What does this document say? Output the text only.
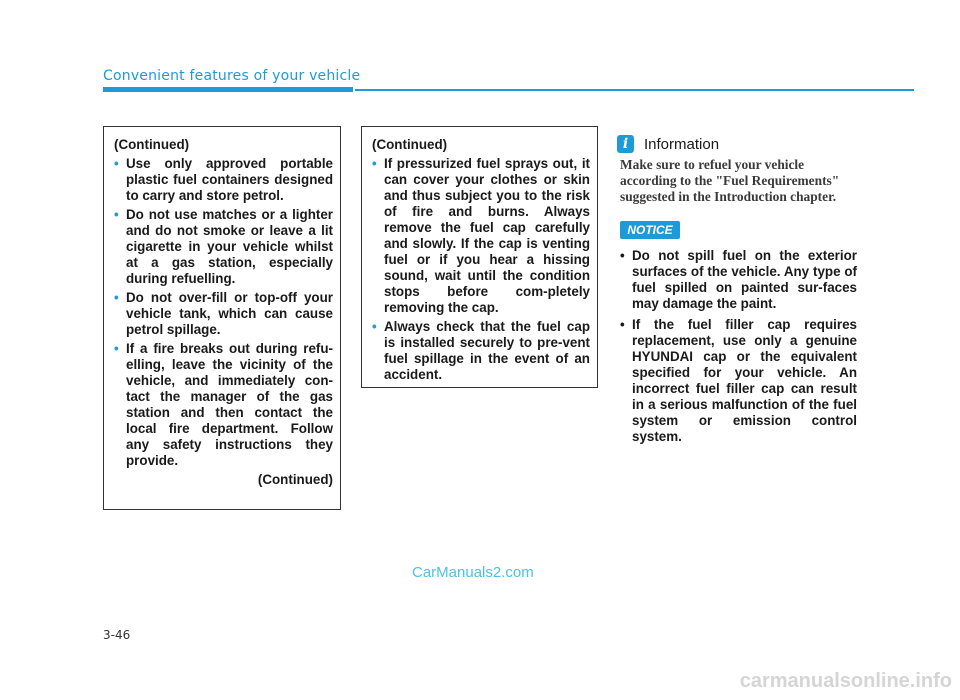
Convenient features of your vehicle
(Continued)
• Use only approved portable plastic fuel containers designed to carry and store petrol.
• Do not use matches or a lighter and do not smoke or leave a lit cigarette in your vehicle whilst at a gas station, especially during refuelling.
• Do not over-fill or top-off your vehicle tank, which can cause petrol spillage.
• If a fire breaks out during refu-elling, leave the vicinity of the vehicle, and immediately con-tact the manager of the gas station and then contact the local fire department. Follow any safety instructions they provide.
(Continued)
(Continued)
• If pressurized fuel sprays out, it can cover your clothes or skin and thus subject you to the risk of fire and burns. Always remove the fuel cap carefully and slowly. If the cap is venting fuel or if you hear a hissing sound, wait until the condition stops before com-pletely removing the cap.
• Always check that the fuel cap is installed securely to pre-vent fuel spillage in the event of an accident.
i	Information
Make sure to refuel your vehicle according to the "Fuel Requirements" suggested in the Introduction chapter.
NOTICE
• Do not spill fuel on the exterior surfaces of the vehicle. Any type of fuel spilled on painted sur-faces may damage the paint.
• If the fuel filler cap requires replacement, use only a genuine HYUNDAI cap or the equivalent specified for your vehicle. An incorrect fuel filler cap can result in a serious malfunction of the fuel system or emission control system.
CarManuals2.com
3-46
carmanualsonline.info
